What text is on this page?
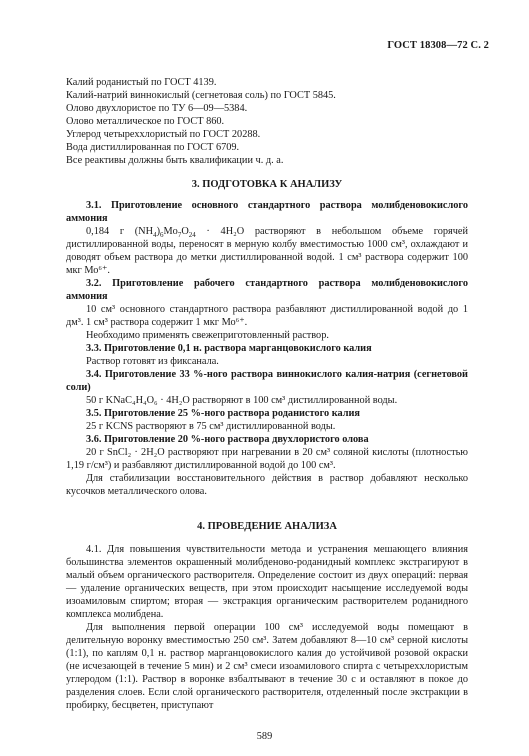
ГОСТ 18308—72 С. 2

Калий роданистый по ГОСТ 4139.

Калий-натрий виннокислый (сегнетовая соль) по ГОСТ 5845.

Олово двухлористое по ТУ 6—09—5384.

Олово металлическое по ГОСТ 860.

Углерод четыреххлористый по ГОСТ 20288.

Вода дистиллированная по ГОСТ 6709.

Все реактивы должны быть квалификации ч. д. а.

3. ПОДГОТОВКА К АНАЛИЗУ

3.1. Приготовление основного стандартного раствора молибденовокислого аммония

0,184 г $(NH_4)_6Mo_7O_{24} \cdot 4Н_2О$ растворяют в небольшом объеме горячей дистиллированной воды, переносят в мерную колбу вместимостью 1000 см³, охлаждают и доводят объем раствора до метки дистиллированной водой. 1 см³ раствора содержит 100 мкг Мо⁶⁺.

3.2. Приготовление рабочего стандартного раствора молибденовокислого аммония

10 см³ основного стандартного раствора разбавляют дистиллированной водой до 1 дм³. 1 см³ раствора содержит 1 мкг Мо⁶⁺.

Необходимо применять свежеприготовленный раствор.

3.3. Приготовление 0,1 н. раствора марганцовокислого калия

Раствор готовят из фиксанала.

3.4. Приготовление 33 %-ного раствора виннокислого калия-натрия (сегнетовой соли)

50 г KNaC₄H₄O₆ · 4H₂O растворяют в 100 см³ дистиллированной воды.

3.5. Приготовление 25 %-ного раствора роданистого калия

25 г KCNS растворяют в 75 см³ дистиллированной воды.

3.6. Приготовление 20 %-ного раствора двухлористого олова

20 г SnCl₂ · 2H₂O растворяют при нагревании в 20 см³ соляной кислоты (плотностью 1,19 г/см³) и разбавляют дистиллированной водой до 100 см³.

Для стабилизации восстановительного действия в раствор добавляют несколько кусочков металлического олова.

4. ПРОВЕДЕНИЕ АНАЛИЗА

4.1. Для повышения чувствительности метода и устранения мешающего влияния большинства элементов окрашенный молибденово-роданидный комплекс экстрагируют в малый объем органического растворителя. Определение состоит из двух операций: первая — удаление органических веществ, при этом происходит насыщение исследуемой воды изоамиловым спиртом; вторая — экстракция органическим растворителем роданидного комплекса молибдена.

Для выполнения первой операции 100 см³ исследуемой воды помещают в делительную воронку вместимостью 250 см³. Затем добавляют 8—10 см³ серной кислоты (1:1), по каплям 0,1 н. раствор марганцовокислого калия до устойчивой розовой окраски (не исчезающей в течение 5 мин) и 2 см³ смеси изоамилового спирта с четыреххлористым углеродом (1:1). Раствор в воронке взбалтывают в течение 30 с и оставляют в покое до разделения слоев. Если слой органического растворителя, отделенный после экстракции в пробирку, бесцветен, приступают

589
